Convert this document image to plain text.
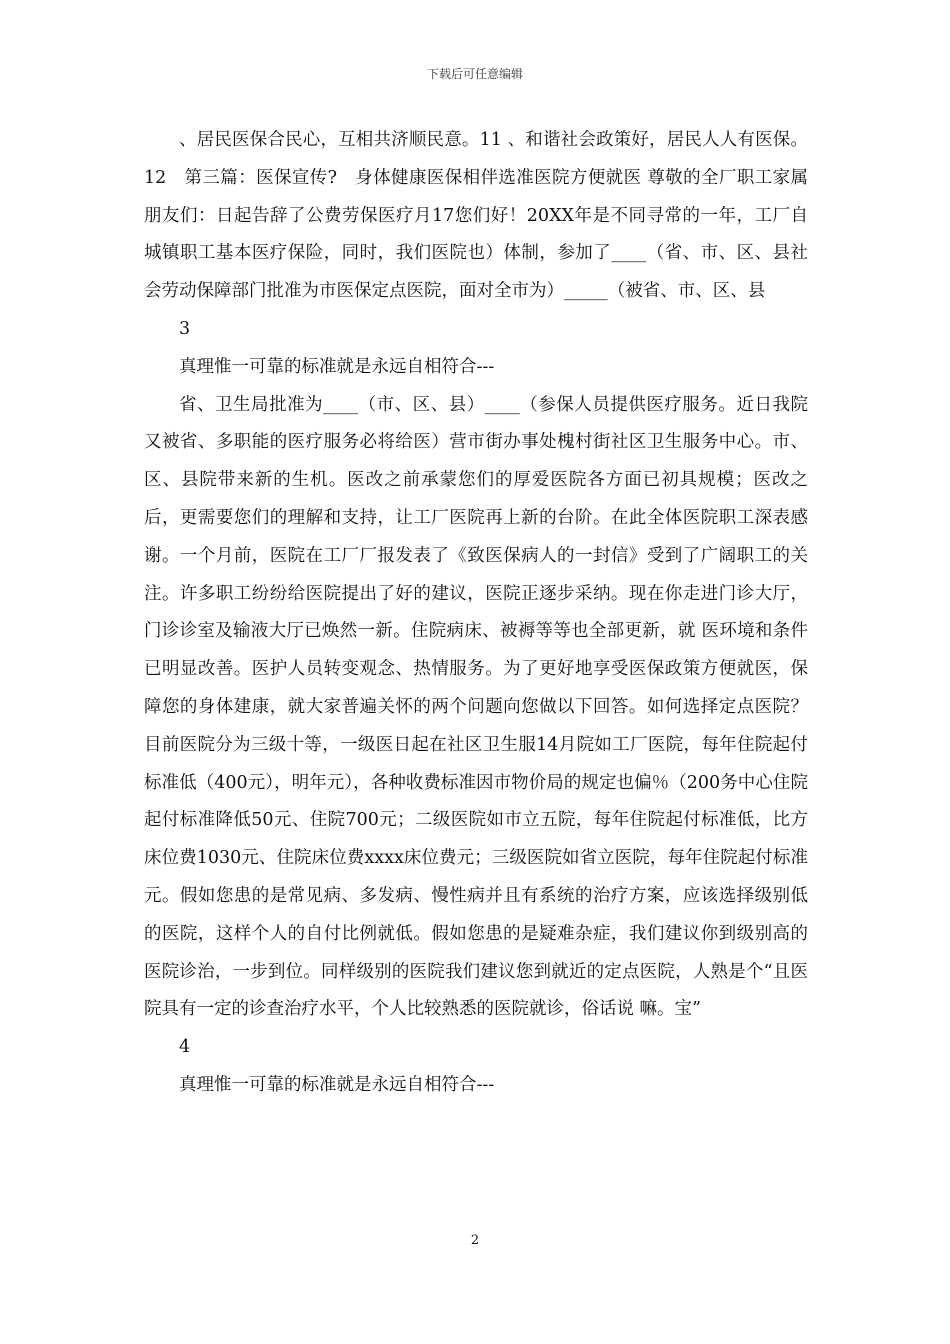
下载后可任意编辑

、居民医保合民心，互相共济顺民意。11 、和谐社会政策好，居民人人有医保。12　第三篇：医保宣传?　身体健康医保相伴选准医院方便就医 尊敬的全厂职工家属朋友们：日起告辞了公费劳保医疗月17您们好！20XX年是不同寻常的一年，工厂自城镇职工基本医疗保险，同时，我们医院也）体制，参加了____（省、市、区、县社会劳动保障部门批准为市医保定点医院，面对全市为）_____（被省、市、区、县

3

真理惟一可靠的标准就是永远自相符合---

省、卫生局批准为____（市、区、县）____（参保人员提供医疗服务。近日我院又被省、多职能的医疗服务必将给医）营市街办事处槐村街社区卫生服务中心。市、区、县院带来新的生机。医改之前承蒙您们的厚爱医院各方面已初具规模；医改之后，更需要您们的理解和支持，让工厂医院再上新的台阶。在此全体医院职工深表感 谢。一个月前，医院在工厂厂报发表了《致医保病人的一封信》受到了广阔职工的关注。许多职工纷纷给医院提出了好的建议，医院正逐步采纳。现在你走进门诊大厅，门诊诊室及输液大厅已焕然一新。住院病床、被褥等等也全部更新，就 医环境和条件已明显改善。医护人员转变观念、热情服务。为了更好地享受医保政策方便就医，保障您的身体建康，就大家普遍关怀的两个问题向您做以下回答。如何选择定点医院？目前医院分为三级十等，一级医日起在社区卫生服14月院如工厂医院，每年住院起付标准低（400元），明年元），各种收费标准因市物价局的规定也偏％（200务中心住院起付标准降低50元、住院700元；二级医院如市立五院，每年住院起付标准低，比方床位费1030元、住院床位费xxxx床位费元；三级医院如省立医院，每年住院起付标准元。假如您患的是常见病、多发病、慢性病并且有系统的治疗方案，应该选择级别低的医院，这样个人的自付比例就低。假如您患的是疑难杂症，我们建议你到级别高的医院诊治，一步到位。同样级别的医院我们建议您到就近的定点医院，人熟是个“且医院具有一定的诊查治疗水平，个人比较熟悉的医院就诊，俗话说 嘛。宝”

4

真理惟一可靠的标准就是永远自相符合---

2
